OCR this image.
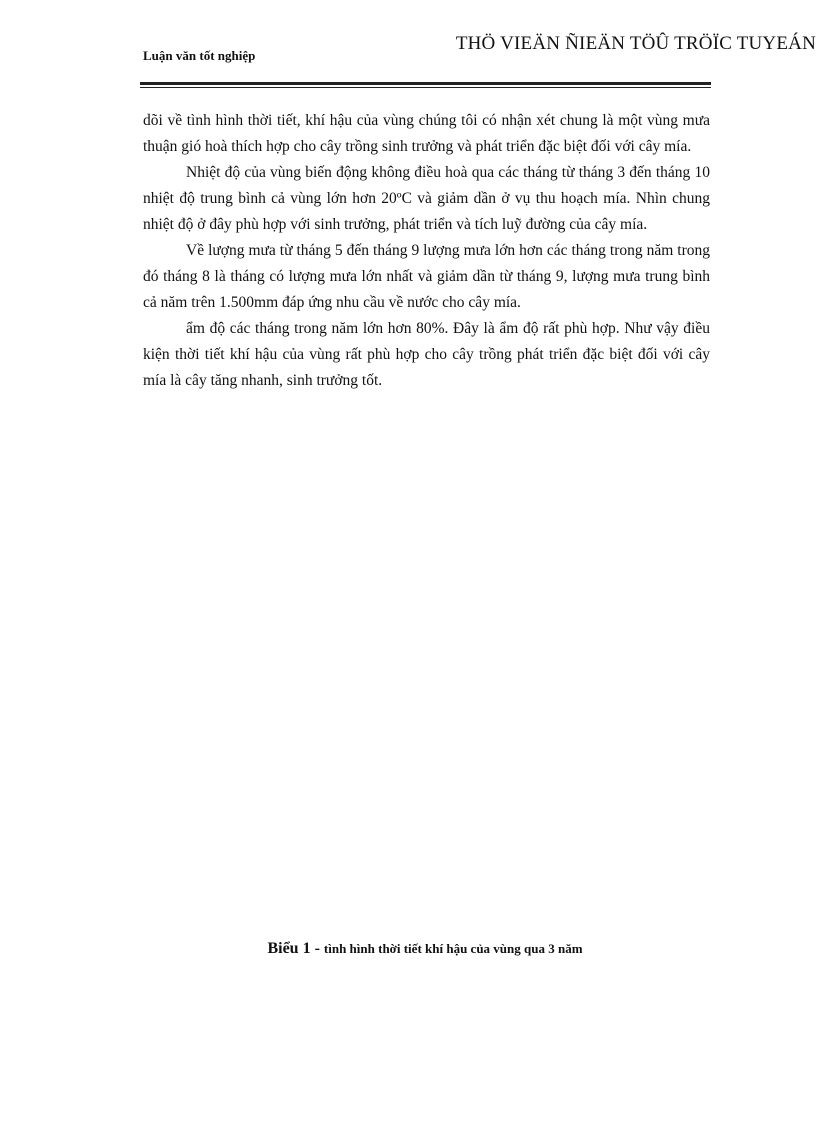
Luận văn tốt nghiệp
THÖ VIEÄN ÑIEÄN TÖÛ TRÖÏC TUYEÁN

dõi về tình hình thời tiết, khí hậu của vùng chúng tôi có nhận xét chung là một vùng mưa thuận gió hoà thích hợp cho cây trồng sinh trưởng và phát triển đặc biệt đối với cây mía.

Nhiệt độ của vùng biến động không điều hoà qua các tháng từ tháng 3 đến tháng 10 nhiệt độ trung bình cả vùng lớn hơn 20ºC và giảm dần ở vụ thu hoạch mía. Nhìn chung nhiệt độ ở đây phù hợp với sinh trưởng, phát triển và tích luỹ đường của cây mía.

Về lượng mưa từ tháng 5 đến tháng 9 lượng mưa lớn hơn các tháng trong năm trong đó tháng 8 là tháng có lượng mưa lớn nhất và giảm dần từ tháng 9, lượng mưa trung bình cả năm trên 1.500mm đáp ứng nhu cầu về nước cho cây mía.

ẩm độ các tháng trong năm lớn hơn 80%. Đây là ẩm độ rất phù hợp. Như vậy điều kiện thời tiết khí hậu của vùng rất phù hợp cho cây trồng phát triển đặc biệt đối với cây mía là cây tăng nhanh, sinh trưởng tốt.

Biểu 1 - tình hình thời tiết khí hậu của vùng qua 3 năm
